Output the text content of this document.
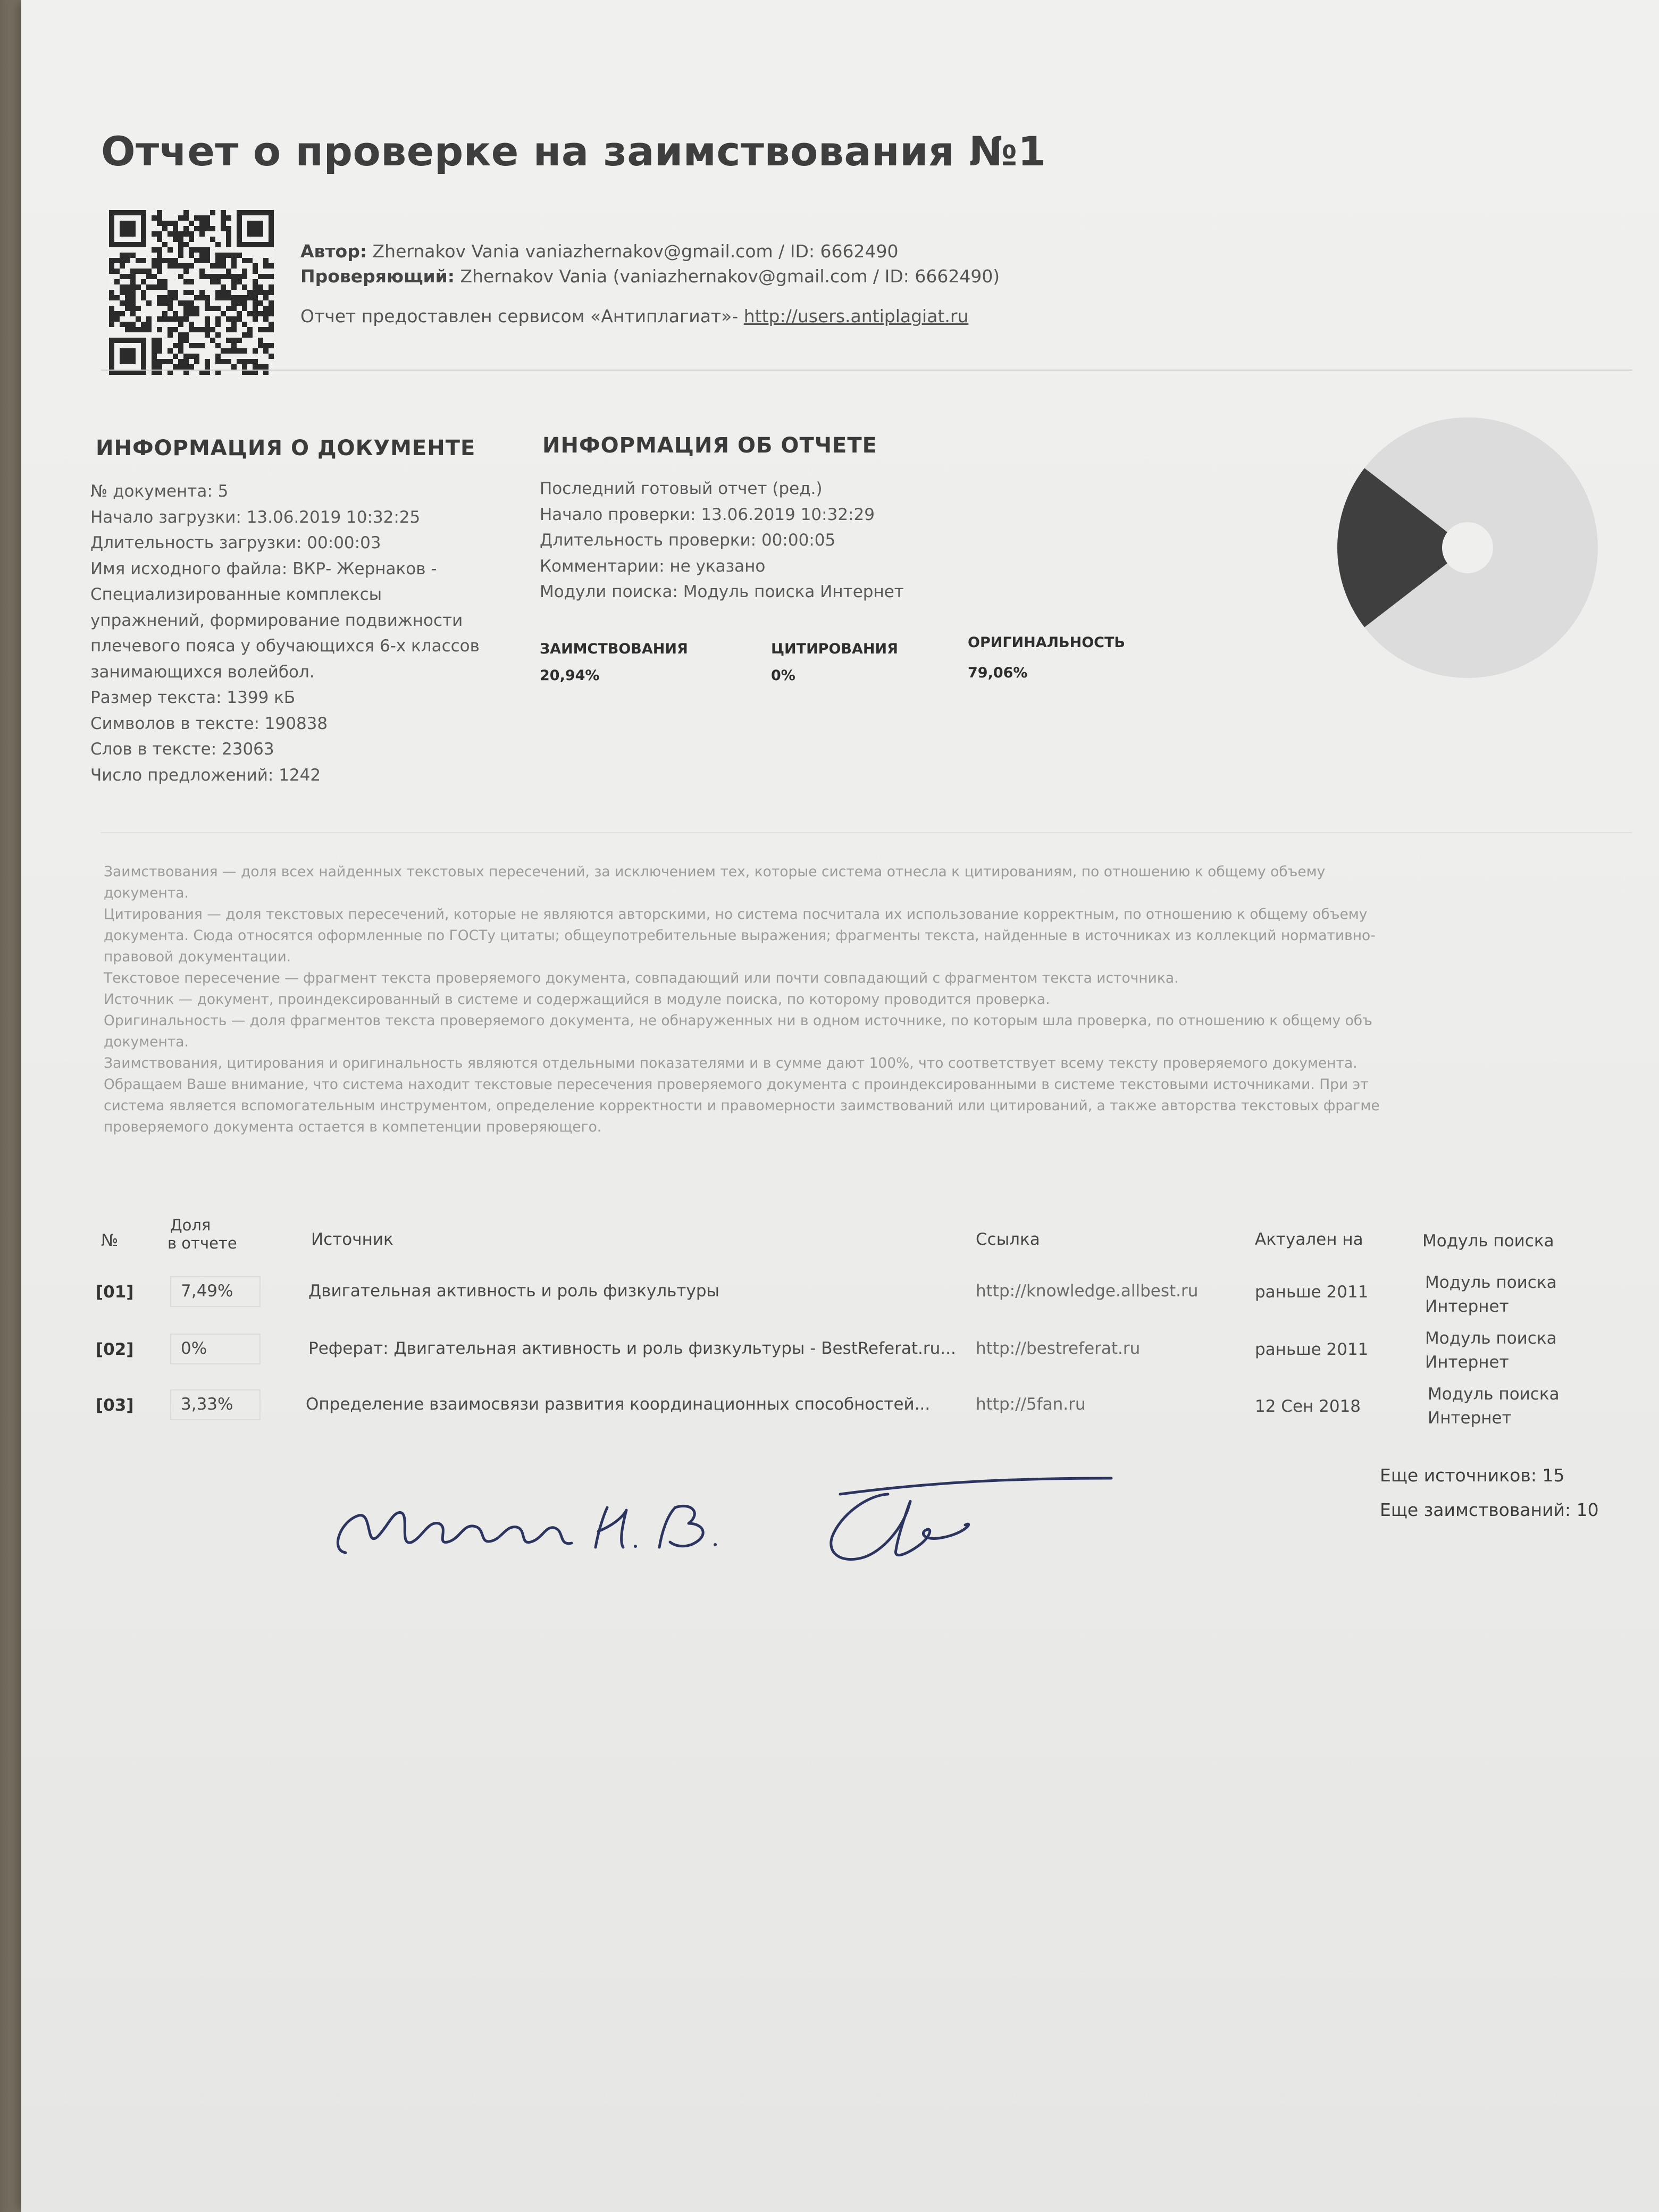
Отчет о проверке на заимствования №1
Автор: Zhernakov Vania vaniazhernakov@gmail.com / ID: 6662490
Проверяющий: Zhernakov Vania (vaniazhernakov@gmail.com / ID: 6662490)
Отчет предоставлен сервисом «Антиплагиат»- http://users.antiplagiat.ru
ИНФОРМАЦИЯ О ДОКУМЕНТЕ
№ документа: 5
Начало загрузки: 13.06.2019 10:32:25
Длительность загрузки: 00:00:03
Имя исходного файла: ВКР- Жернаков -
Специализированные комплексы
упражнений, формирование подвижности
плечевого пояса у обучающихся 6-х классов
занимающихся волейбол.
Размер текста: 1399 кБ
Символов в тексте: 190838
Слов в тексте: 23063
Число предложений: 1242
ИНФОРМАЦИЯ ОБ ОТЧЕТЕ
Последний готовый отчет (ред.)
Начало проверки: 13.06.2019 10:32:29
Длительность проверки: 00:00:05
Комментарии: не указано
Модули поиска: Модуль поиска Интернет
ЗАИМСТВОВАНИЯ
20,94%
ЦИТИРОВАНИЯ
0%
ОРИГИНАЛЬНОСТЬ
79,06%

Заимствования — доля всех найденных текстовых пересечений, за исключением тех, которые система отнесла к цитированиям, по отношению к общему объему

документа.

Цитирования — доля текстовых пересечений, которые не являются авторскими, но система посчитала их использование корректным, по отношению к общему объему

документа. Сюда относятся оформленные по ГОСТу цитаты; общеупотребительные выражения; фрагменты текста, найденные в источниках из коллекций нормативно-

правовой документации.

Текстовое пересечение — фрагмент текста проверяемого документа, совпадающий или почти совпадающий с фрагментом текста источника.

Источник — документ, проиндексированный в системе и содержащийся в модуле поиска, по которому проводится проверка.

Оригинальность — доля фрагментов текста проверяемого документа, не обнаруженных ни в одном источнике, по которым шла проверка, по отношению к общему объ

документа.

Заимствования, цитирования и оригинальность являются отдельными показателями и в сумме дают 100%, что соответствует всему тексту проверяемого документа.

Обращаем Ваше внимание, что система находит текстовые пересечения проверяемого документа с проиндексированными в системе текстовыми источниками. При эт

система является вспомогательным инструментом, определение корректности и правомерности заимствований или цитирований, а также авторства текстовых фрагме

проверяемого документа остается в компетенции проверяющего.

№
Доля
в отчете	Источник	Ссылка	Актуален на	Модуль поиска
[01]	7,49%	Двигательная активность и роль физкультуры	http://knowledge.allbest.ru	раньше 2011	Модуль поиска
Интернет
[02]	0%	Реферат: Двигательная активность и роль физкультуры - BestReferat.ru... http://bestreferat.ru	раньше 2011
Модуль поиска
Интернет
[03]	3,33%	Определение взаимосвязи развития координационных способностей...	http://5fan.ru	12 Сен 2018
Модуль поиска
Интернет
Еще источников: 15
Еще заимствований: 10
